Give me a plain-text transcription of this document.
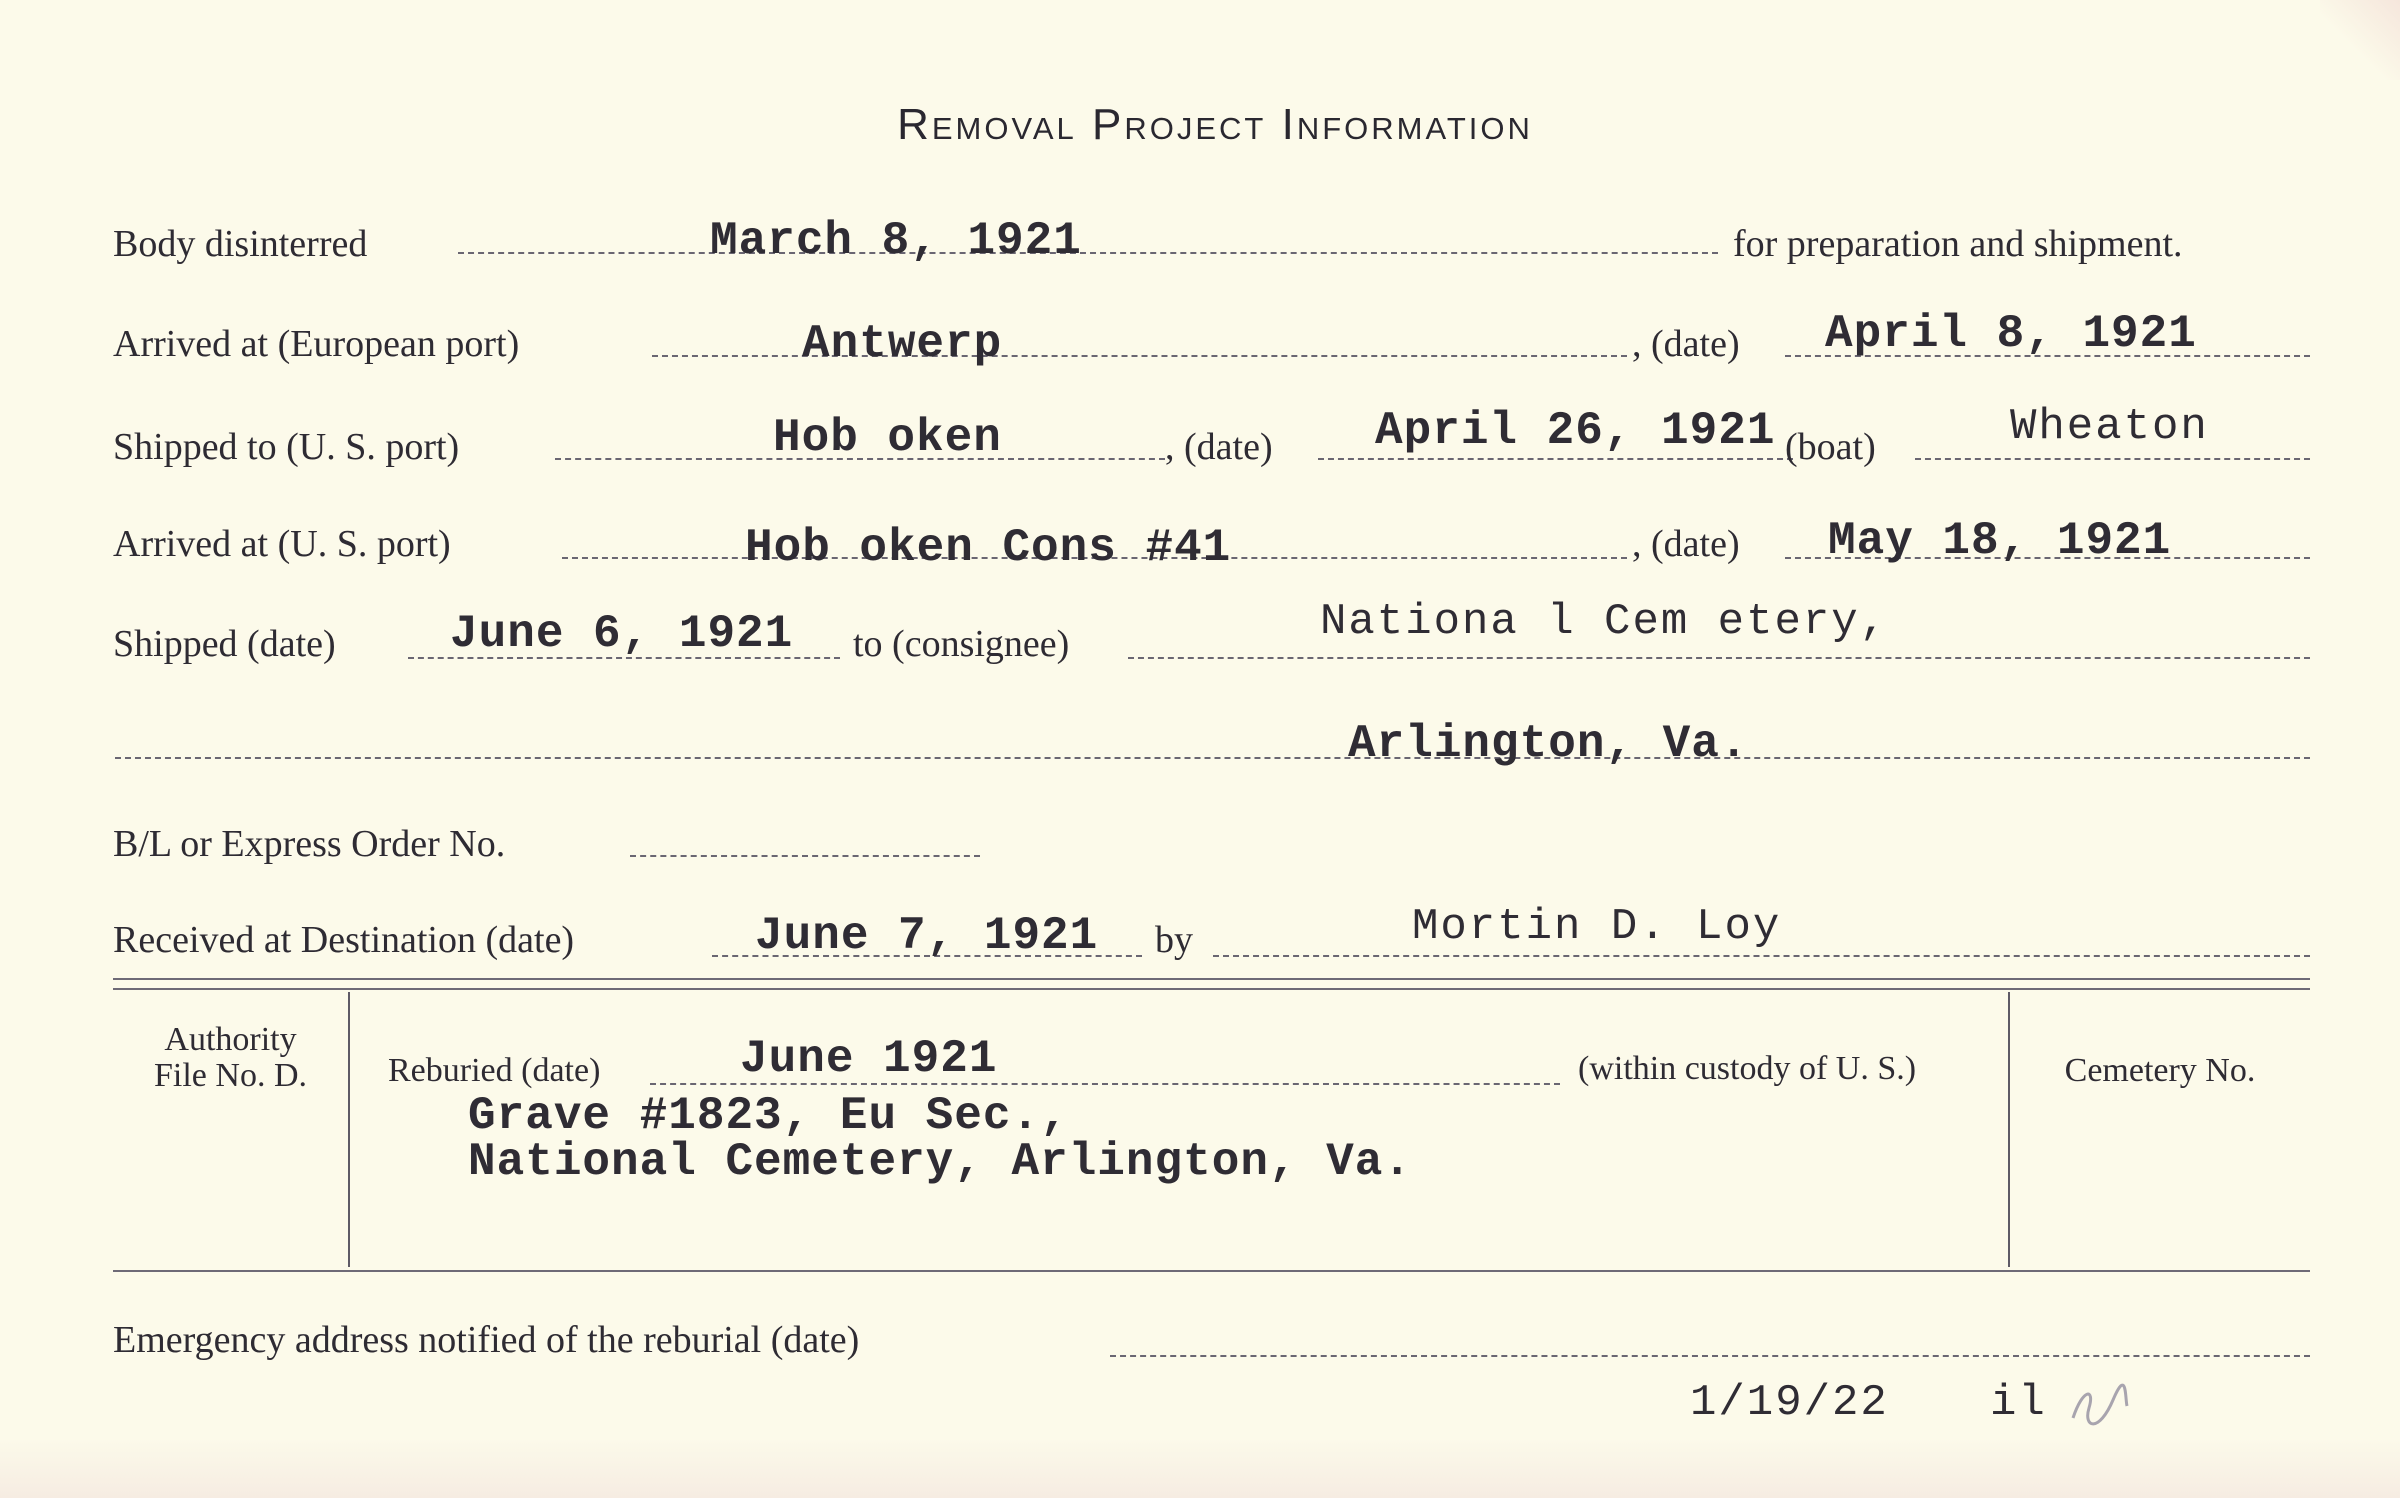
Removal Project Information
Body disinterred	March 8, 1921	for preparation and shipment.
Arrived at (European port)	Antwerp	, (date) April 8, 1921
Shipped to (U. S. port)	Hob oken	, (date) April 26, 1921 (boat)	Wheaton
Arrived at (U. S. port)	Hob oken Cons #41	, (date) May 18, 1921
Shipped (date) June 6, 1921 to (consignee)	Nationa l Cem etery,
Arlington, Va.
B/L or Express Order No.
Received at Destination (date)	June 7, 1921 by	Mortin D. Loy
Authority
File No. D.	Reburied (date)	June 1921	(within custody of U. S.)
Grave #1823, Eu Sec.,
National Cemetery, Arlington, Va.
Cemetery No.
Emergency address notified of the reburial (date)
1/19/22 il
